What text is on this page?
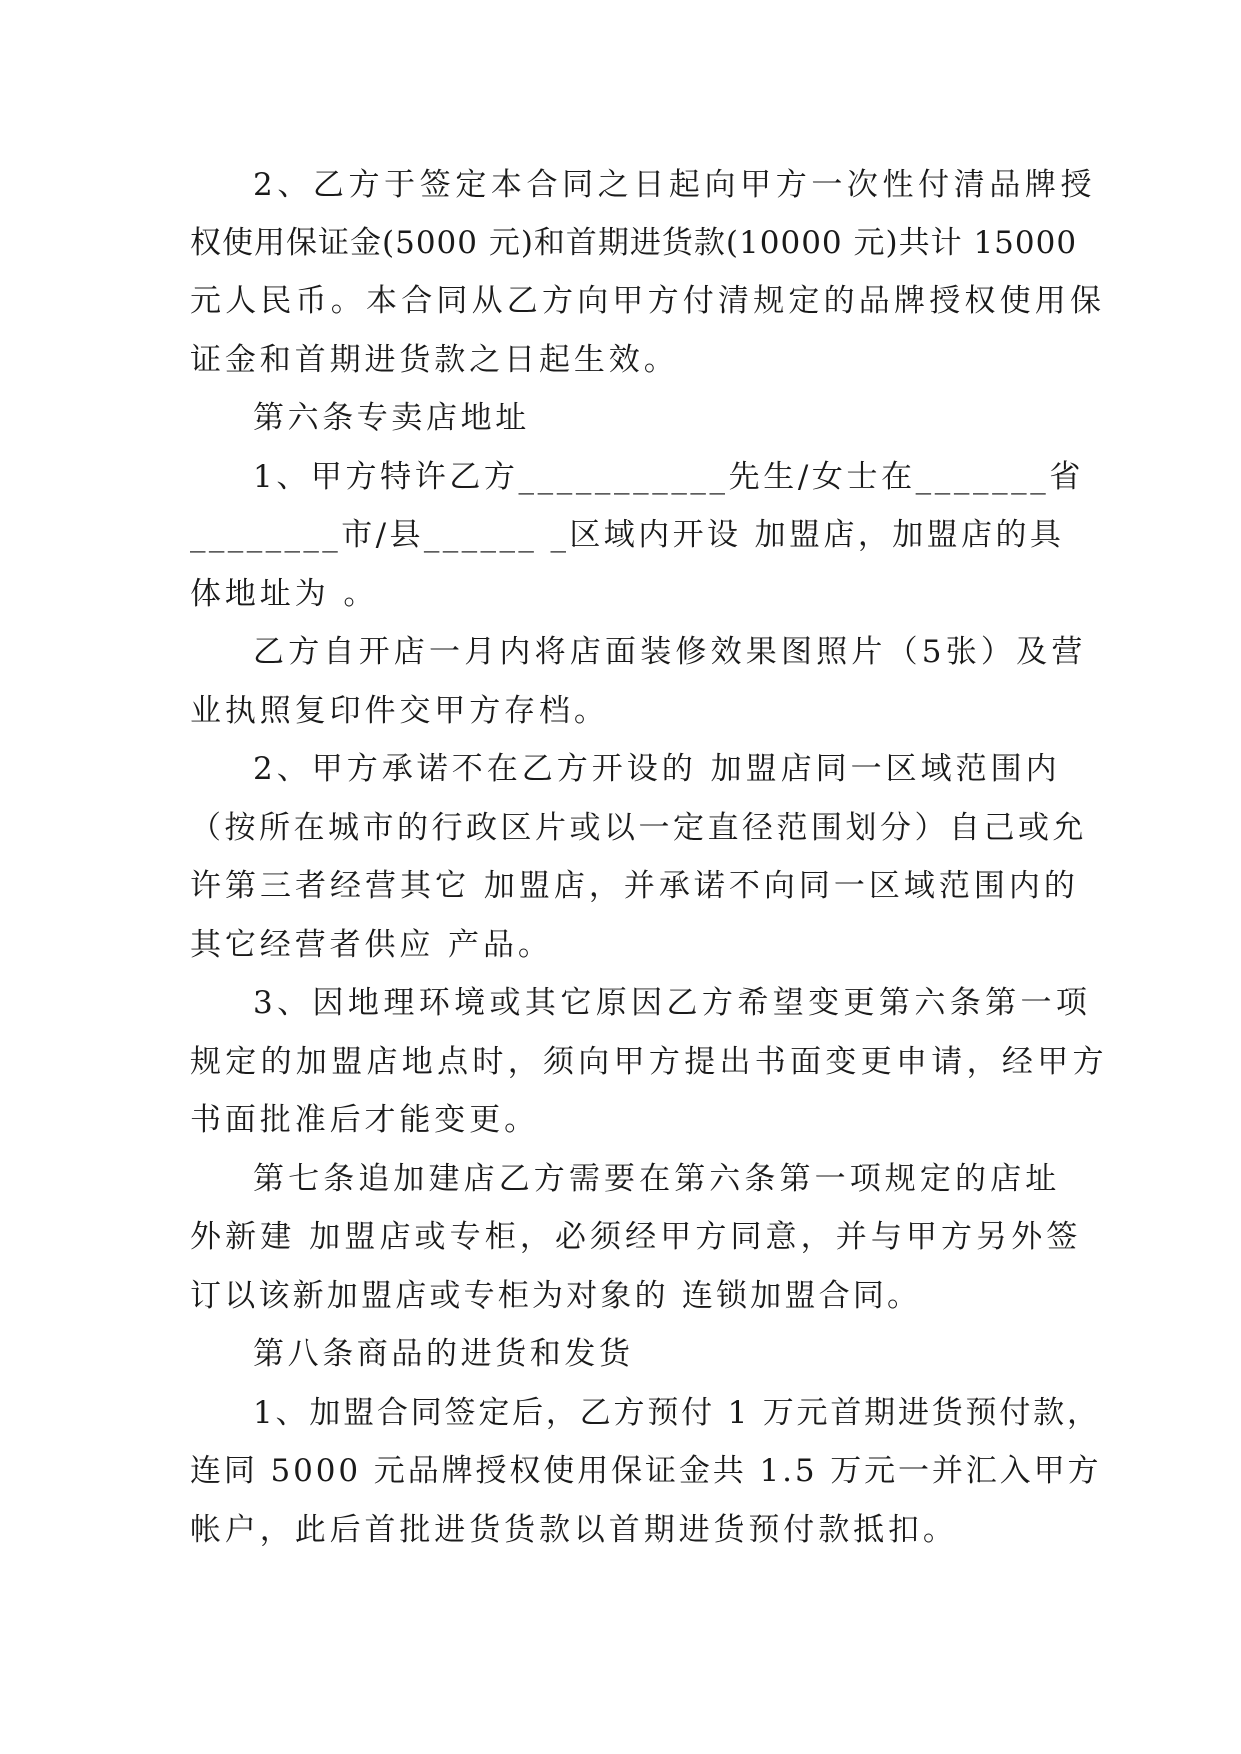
2、乙方于签定本合同之日起向甲方一次性付清品牌授
权使用保证金(5000 元)和首期进货款(10000 元)共计 15000
元人民币。本合同从乙方向甲方付清规定的品牌授权使用保
证金和首期进货款之日起生效。
第六条专卖店地址
1、甲方特许乙方___________先生/女士在_______省
________市/县______ _区域内开设 加盟店，加盟店的具
体地址为 。
乙方自开店一月内将店面装修效果图照片（5张）及营
业执照复印件交甲方存档。
2、甲方承诺不在乙方开设的 加盟店同一区域范围内
（按所在城市的行政区片或以一定直径范围划分）自己或允
许第三者经营其它 加盟店，并承诺不向同一区域范围内的
其它经营者供应 产品。
3、因地理环境或其它原因乙方希望变更第六条第一项
规定的加盟店地点时，须向甲方提出书面变更申请，经甲方
书面批准后才能变更。
第七条追加建店乙方需要在第六条第一项规定的店址
外新建 加盟店或专柜，必须经甲方同意，并与甲方另外签
订以该新加盟店或专柜为对象的 连锁加盟合同。
第八条商品的进货和发货
1、加盟合同签定后，乙方预付 1 万元首期进货预付款，
连同 5000 元品牌授权使用保证金共 1.5 万元一并汇入甲方
帐户，此后首批进货货款以首期进货预付款抵扣。
